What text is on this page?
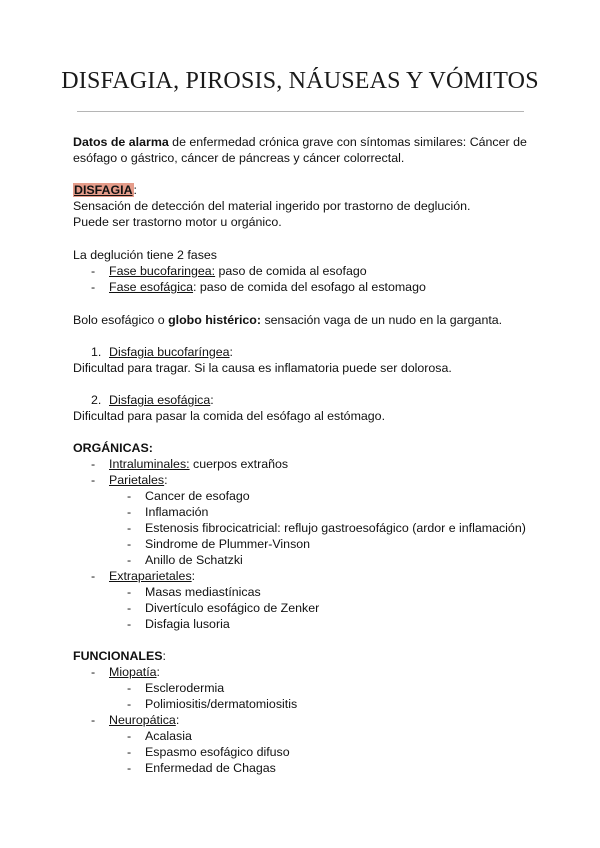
DISFAGIA, PIROSIS, NÁUSEAS Y VÓMITOS
Datos de alarma de enfermedad crónica grave con síntomas similares: Cáncer de
esófago o gástrico, cáncer de páncreas y cáncer colorrectal.
DISFAGIA:
Sensación de detección del material ingerido por trastorno de deglución.
Puede ser trastorno motor u orgánico.
La deglución tiene 2 fases
- Fase bucofaringea: paso de comida al esofago
- Fase esofágica: paso de comida del esofago al estomago
Bolo esofágico o globo histérico: sensación vaga de un nudo en la garganta.
1. Disfagia bucofaríngea:
Dificultad para tragar. Si la causa es inflamatoria puede ser dolorosa.
2. Disfagia esofágica:
Dificultad para pasar la comida del esófago al estómago.
ORGÁNICAS:
- Intraluminales: cuerpos extraños
- Parietales:
- Cancer de esofago
- Inflamación
- Estenosis fibrocicatricial: reflujo gastroesofágico (ardor e inflamación)
- Sindrome de Plummer-Vinson
- Anillo de Schatzki
- Extraparietales:
- Masas mediastínicas
- Divertículo esofágico de Zenker
- Disfagia lusoria
FUNCIONALES:
- Miopatía:
- Esclerodermia
- Polimiositis/dermatomiositis
- Neuropática:
- Acalasia
- Espasmo esofágico difuso
- Enfermedad de Chagas
